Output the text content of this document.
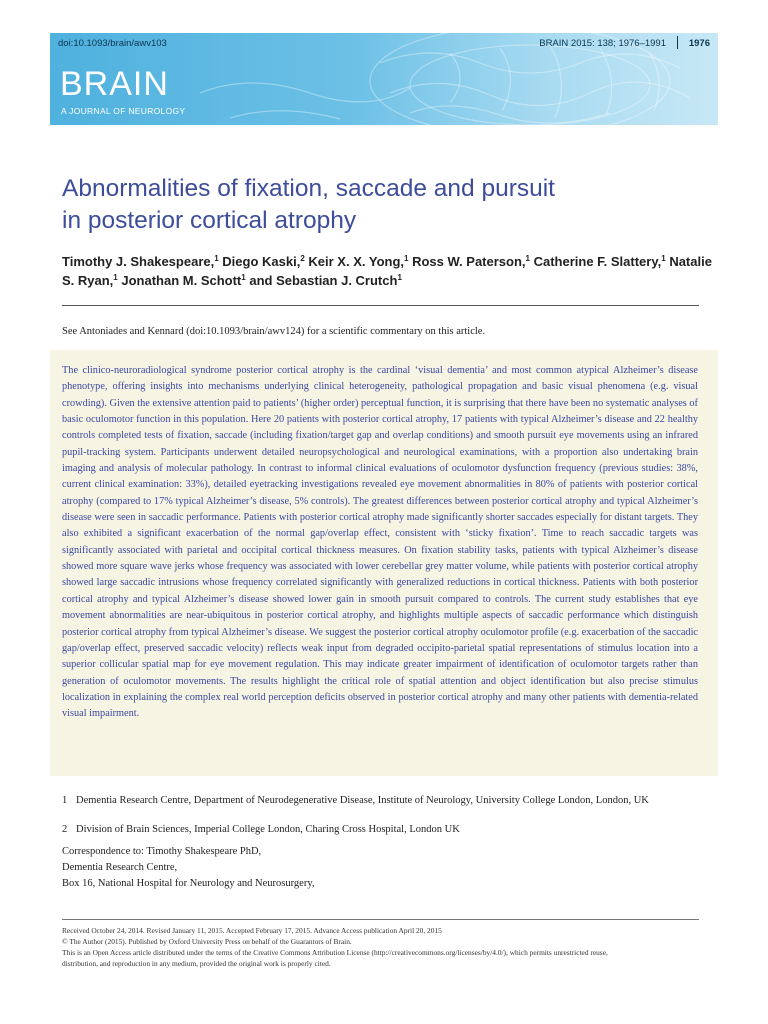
doi:10.1093/brain/awv103	BRAIN 2015: 138; 1976–1991 1976
BRAIN
A JOURNAL OF NEUROLOGY
Abnormalities of fixation, saccade and pursuit
in posterior cortical atrophy
Timothy J. Shakespeare,$^1$ Diego Kaski,$^2$ Keir X. X. Yong,$^1$ Ross W. Paterson,$^1$ Catherine F. Slattery,$^1$ Natalie S. Ryan,$^1$ Jonathan M. Schott$^1$ and Sebastian J. Crutch$^1$
See Antoniades and Kennard (doi:10.1093/brain/awv124) for a scientific commentary on this article.

The clinico-neuroradiological syndrome posterior cortical atrophy is the cardinal ‘visual dementia’ and most common atypical Alzheimer’s disease phenotype, offering insights into mechanisms underlying clinical heterogeneity, pathological propagation and basic visual phenomena (e.g. visual crowding). Given the extensive attention paid to patients’ (higher order) perceptual function, it is surprising that there have been no systematic analyses of basic oculomotor function in this population. Here 20 patients with posterior cortical atrophy, 17 patients with typical Alzheimer’s disease and 22 healthy controls completed tests of fixation, saccade (including fixation/target gap and overlap conditions) and smooth pursuit eye movements using an infrared pupil-tracking system. Participants underwent detailed neuropsychological and neurological examinations, with a proportion also undertaking brain imaging and analysis of molecular pathology. In contrast to informal clinical evaluations of oculomotor dysfunction frequency (previous studies: 38%, current clinical examination: 33%), detailed eyetracking investigations revealed eye movement abnormalities in 80% of patients with posterior cortical atrophy (compared to 17% typical Alzheimer’s disease, 5% controls). The greatest differences between posterior cortical atrophy and typical Alzheimer’s disease were seen in saccadic performance. Patients with posterior cortical atrophy made significantly shorter saccades especially for distant targets. They also exhibited a significant exacerbation of the normal gap/overlap effect, consistent with ‘sticky fixation’. Time to reach saccadic targets was significantly associated with parietal and occipital cortical thickness measures. On fixation stability tasks, patients with typical Alzheimer’s disease showed more square wave jerks whose frequency was associated with lower cerebellar grey matter volume, while patients with posterior cortical atrophy showed large saccadic intrusions whose frequency correlated significantly with generalized reductions in cortical thickness. Patients with both posterior cortical atrophy and typical Alzheimer’s disease showed lower gain in smooth pursuit compared to controls. The current study establishes that eye movement abnormalities are near-ubiquitous in posterior cortical atrophy, and highlights multiple aspects of saccadic performance which distinguish posterior cortical atrophy from typical Alzheimer’s disease. We suggest the posterior cortical atrophy oculomotor profile (e.g. exacerbation of the saccadic gap/overlap effect, preserved saccadic velocity) reflects weak input from degraded occipito-parietal spatial representations of stimulus location into a superior collicular spatial map for eye movement regulation. This may indicate greater impairment of identification of oculomotor targets rather than generation of oculomotor movements. The results highlight the critical role of spatial attention and object identification but also precise stimulus localization in explaining the complex real world perception deficits observed in posterior cortical atrophy and many other patients with dementia-related visual impairment.

1 Dementia Research Centre, Department of Neurodegenerative Disease, Institute of Neurology, University College London, London, UK
2 Division of Brain Sciences, Imperial College London, Charing Cross Hospital, London UK
Correspondence to: Timothy Shakespeare PhD,
Dementia Research Centre,
Box 16, National Hospital for Neurology and Neurosurgery,
Received October 24, 2014. Revised January 11, 2015. Accepted February 17, 2015. Advance Access publication April 20, 2015
© The Author (2015). Published by Oxford University Press on behalf of the Guarantors of Brain.
This is an Open Access article distributed under the terms of the Creative Commons Attribution License (http://creativecommons.org/licenses/by/4.0/), which permits unrestricted reuse,
distribution, and reproduction in any medium, provided the original work is properly cited.
